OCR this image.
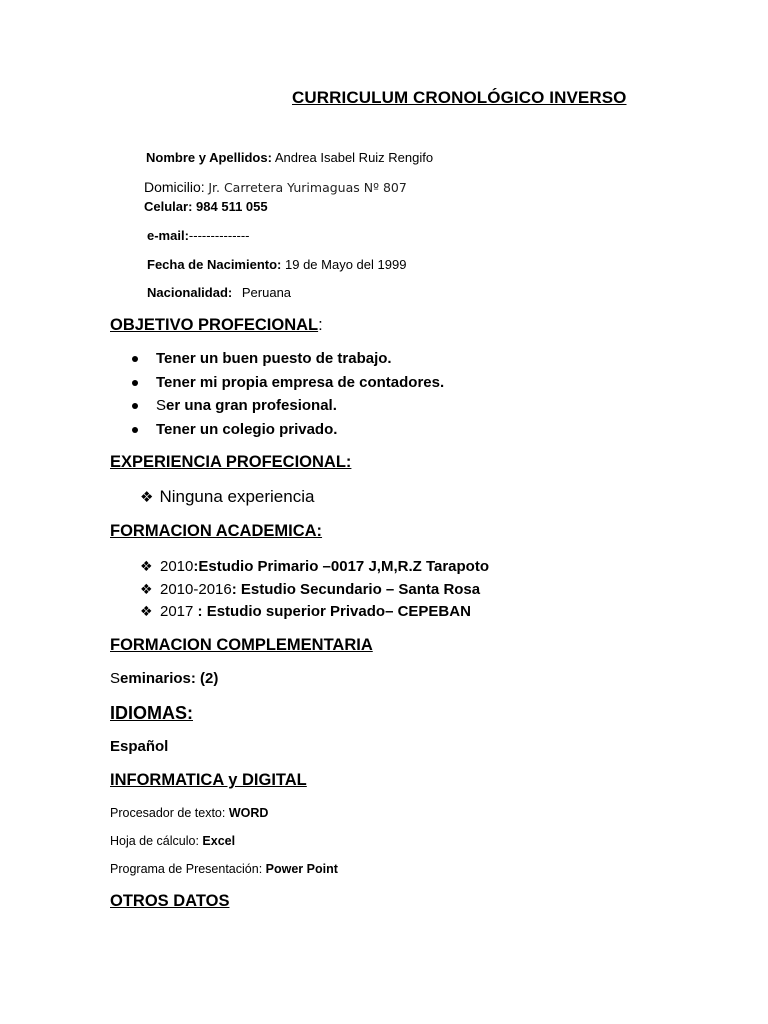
CURRICULUM CRONOLÓGICO INVERSO
Nombre y Apellidos: Andrea Isabel Ruiz Rengifo
Domicilio: Jr. Carretera Yurimaguas Nº 807
Celular: 984 511 055
e-mail:--------------
Fecha de Nacimiento: 19 de Mayo del 1999
Nacionalidad: Peruana
OBJETIVO PROFECIONAL:
Tener un buen puesto de trabajo.
Tener mi propia empresa de contadores.
Ser una gran profesional.
Tener un colegio privado.
EXPERIENCIA PROFECIONAL:
❖ Ninguna experiencia
FORMACION ACADEMICA:
❖ 2010:Estudio Primario –0017 J,M,R.Z Tarapoto
❖ 2010-2016: Estudio Secundario – Santa Rosa
❖ 2017 : Estudio superior Privado– CEPEBAN
FORMACION COMPLEMENTARIA
Seminarios: (2)
IDIOMAS:
Español
INFORMATICA y DIGITAL
Procesador de texto: WORD
Hoja de cálculo: Excel
Programa de Presentación: Power Point
OTROS DATOS
